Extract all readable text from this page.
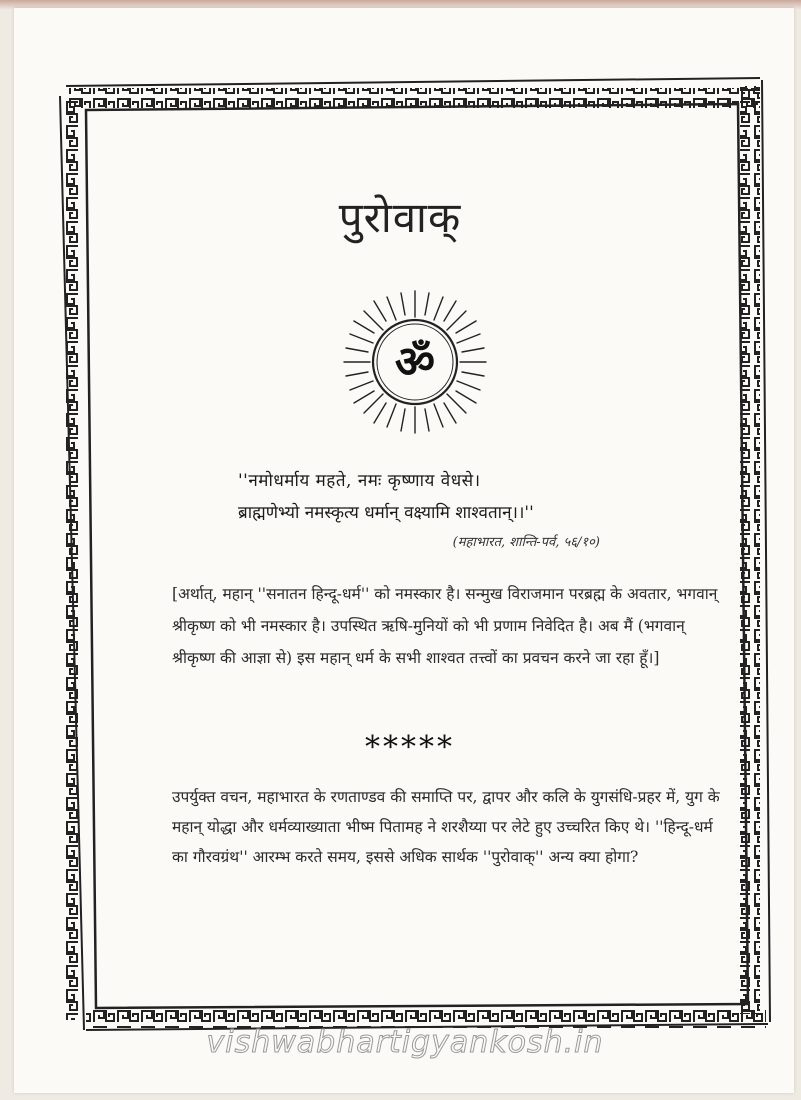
पुरोवाक्
ॐ
''नमोधर्माय महते, नमः कृष्णाय वेधसे।
ब्राह्मणेभ्यो नमस्कृत्य धर्मान् वक्ष्यामि शाश्वतान्।।''
(महाभारत, शान्ति-पर्व, ५६/१०)
[अर्थात्, महान् ''सनातन हिन्दू-धर्म'' को नमस्कार है। सन्मुख विराजमान परब्रह्म के अवतार, भगवान् श्रीकृष्ण को भी नमस्कार है। उपस्थित ऋषि-मुनियों को भी प्रणाम निवेदित है। अब मैं (भगवान् श्रीकृष्ण की आज्ञा से) इस महान् धर्म के सभी शाश्वत तत्त्वों का प्रवचन करने जा रहा हूँ।]
*****
उपर्युक्त वचन, महाभारत के रणताण्डव की समाप्ति पर, द्वापर और कलि के युगसंधि-प्रहर में, युग के महान् योद्धा और धर्मव्याख्याता भीष्म पितामह ने शरशैय्या पर लेटे हुए उच्चरित किए थे। ''हिन्दू-धर्म का गौरवग्रंथ'' आरम्भ करते समय, इससे अधिक सार्थक ''पुरोवाक्'' अन्य क्या होगा?
vishwabhartigyankosh.in
